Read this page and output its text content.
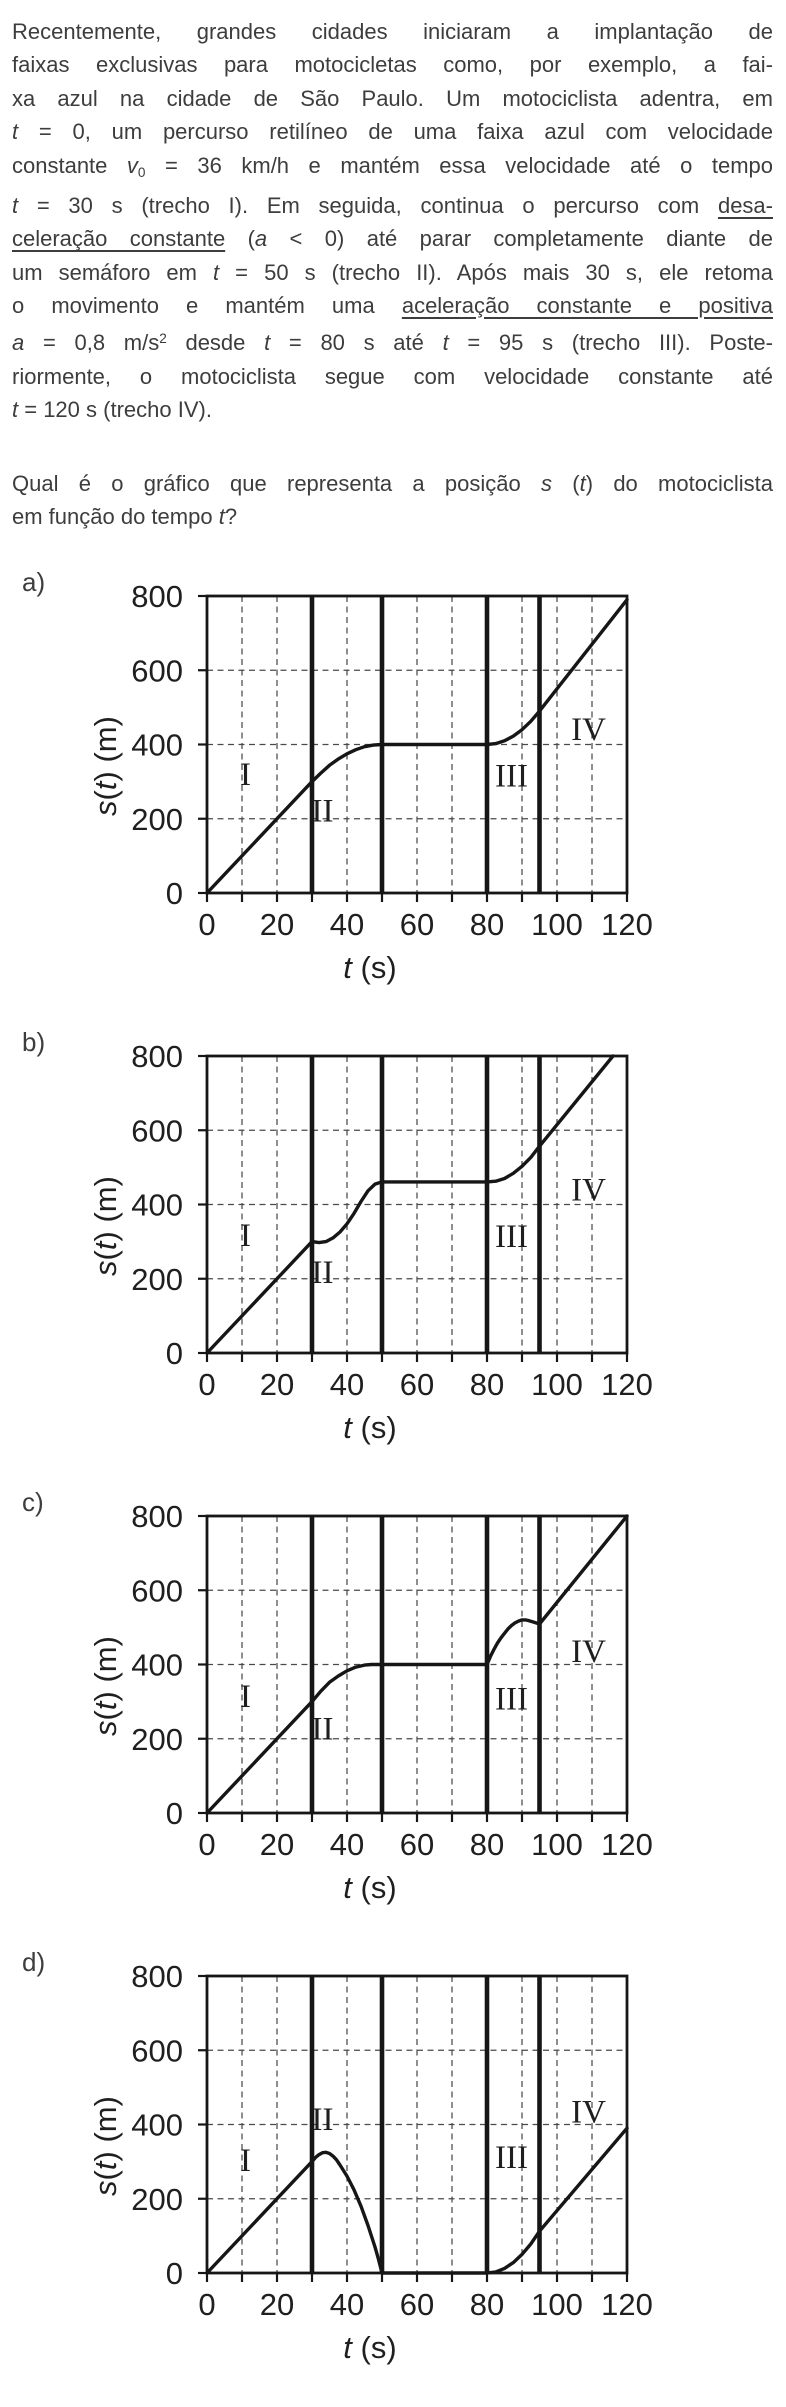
Recentemente, grandes cidades iniciaram a implantação de
faixas exclusivas para motocicletas como, por exemplo, a fai-
xa azul na cidade de São Paulo. Um motociclista adentra, em
t = 0, um percurso retilíneo de uma faixa azul com velocidade
constante v0 = 36 km/h e mantém essa velocidade até o tempo
t = 30 s (trecho I). Em seguida, continua o percurso com desa-
celeração constante (a < 0) até parar completamente diante de
um semáforo em t = 50 s (trecho II). Após mais 30 s, ele retoma
o movimento e mantém uma aceleração constante e positiva
a = 0,8 $m/s^2$ desde t = 80 s até t = 95 s (trecho III). Poste-
riormente, o motociclista segue com velocidade constante até
t = 120 s (trecho IV).
Qual é o gráfico que representa a posição s (t) do motociclista
em função do tempo t?
a)
0 20 40 60 80 100 120
0
200
400
600
800
t (s)
s(t) (m)	I
II
III
IV
b)
0 20 40 60 80 100 120
0
200
400
600
800
t (s)
s(t) (m)	I
II
III
IV
c)
0 20 40 60 80 100 120
0
200
400
600
800
t (s)
s(t) (m)	I
II
III
IV
d)
0 20 40 60 80 100 120
0
200
400
600
800
t (s)
s(t) (m)	I
II
III
IV
